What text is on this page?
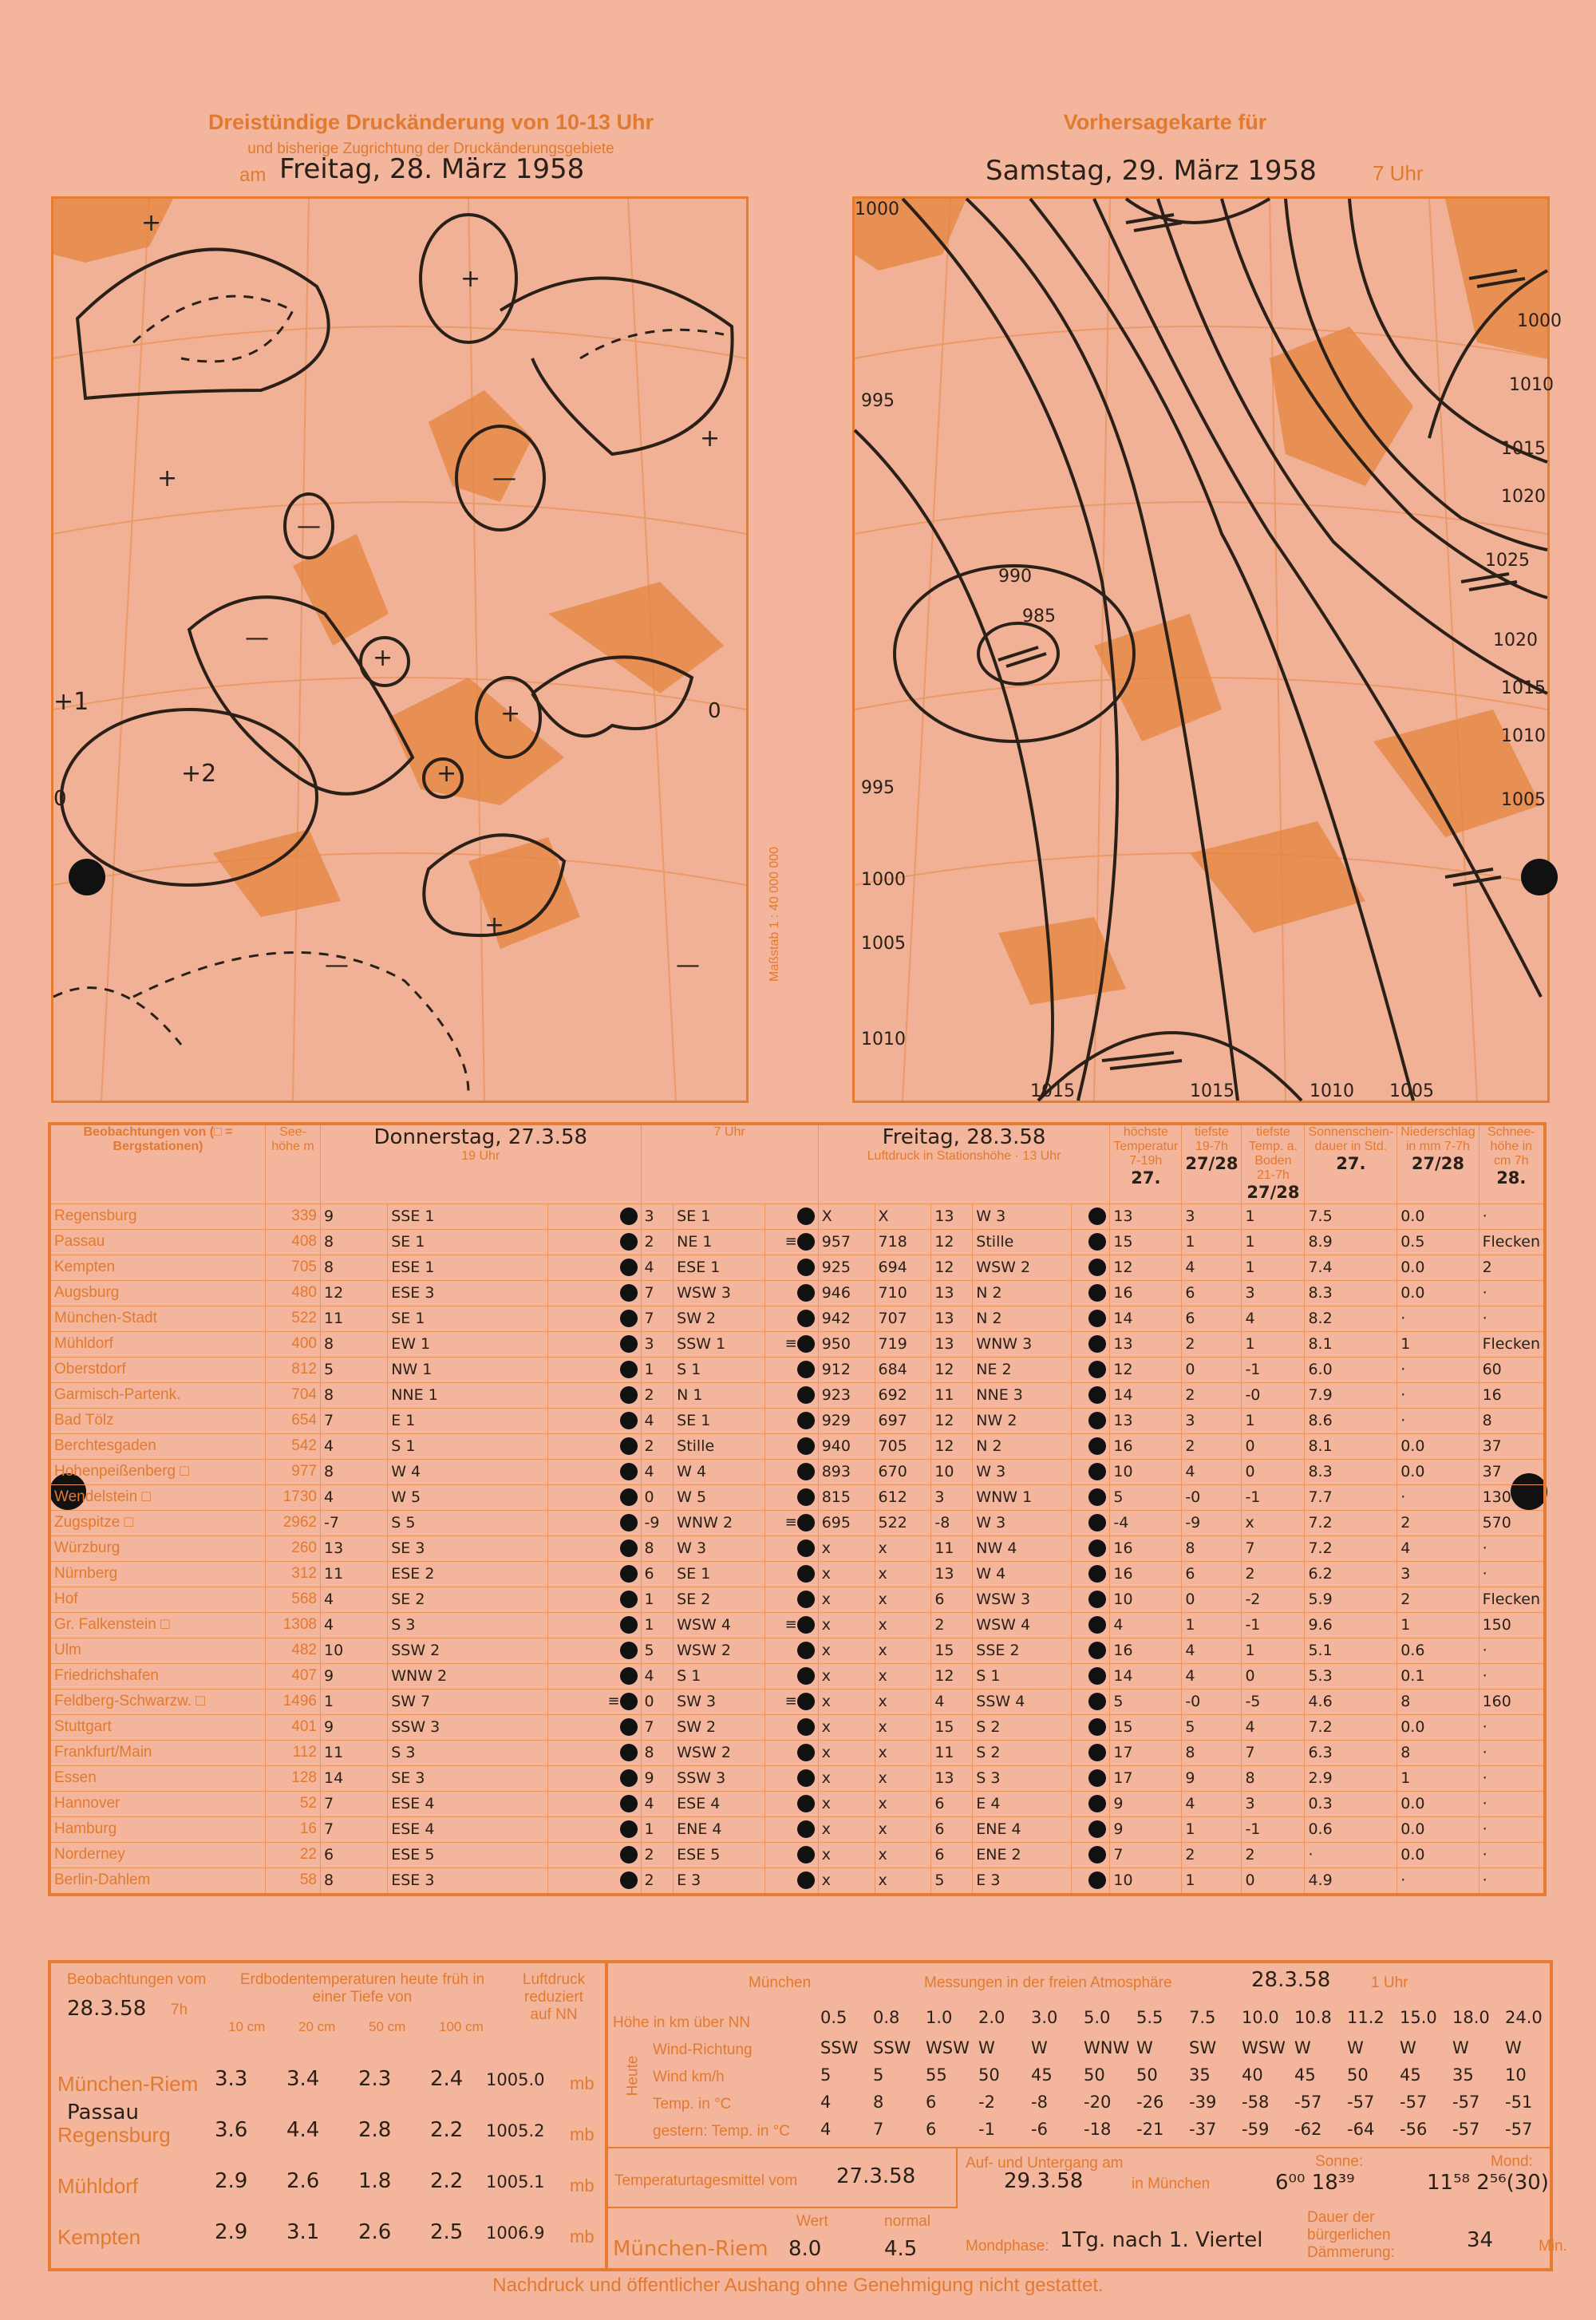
Dreistündige Druckänderung von 10-13 Uhr
und bisherige Zugrichtung der Druckänderungsgebiete
am Freitag, 28. März 1958
Vorhersagekarte für
Samstag, 29. März 1958	7 Uhr
+
+
+
+
—
—
—
—	—
+2
+
+
+
+
+1
0
0
990
985
1000
995
995
1000
1005
1010
1015	1015	1010 1005
1015
1020
1020
1015
1010
1005
1025
1010
1000
Maßstab 1 : 40 000 000
Beobachtungen von (□ = Bergstationen)	See-höhe m	Donnerstag, 27.3.58
19 Uhr			7 Uhr			Freitag, 28.3.58
Luftdruck in Stationshöhe · 13 Uhr					höchste Temperatur 7-19h
27.	tiefste 19-7h
27/28	tiefste Temp. a. Boden 21-7h
27/28	Sonnenschein-dauer in Std.
27.	Niederschlag in mm 7-7h
27/28	Schnee-höhe in cm 7h
28.
Regensburg	339	9	SSE 1		3	SE 1		X	X	13	W 3		13	3	1	7.5	0.0	·
Passau	408	8	SE 1		2	NE 1	≡	957	718	12	Stille		15	1	1	8.9	0.5	Flecken
Kempten	705	8	ESE 1		4	ESE 1		925	694	12	WSW 2		12	4	1	7.4	0.0	2
Augsburg	480	12	ESE 3		7	WSW 3		946	710	13	N 2		16	6	3	8.3	0.0	·
München-Stadt	522	11	SE 1		7	SW 2		942	707	13	N 2		14	6	4	8.2	·	·
Mühldorf	400	8	EW 1		3	SSW 1	≡	950	719	13	WNW 3		13	2	1	8.1	1	Flecken
Oberstdorf	812	5	NW 1		1	S 1		912	684	12	NE 2		12	0	-1	6.0	·	60
Garmisch-Partenk.	704	8	NNE 1		2	N 1		923	692	11	NNE 3		14	2	-0	7.9	·	16
Bad Tölz	654	7	E 1		4	SE 1		929	697	12	NW 2		13	3	1	8.6	·	8
Berchtesgaden	542	4	S 1		2	Stille		940	705	12	N 2		16	2	0	8.1	0.0	37
Hohenpeißenberg □	977	8	W 4		4	W 4		893	670	10	W 3		10	4	0	8.3	0.0	37
Wendelstein □	1730	4	W 5		0	W 5		815	612	3	WNW 1		5	-0	-1	7.7	·	130
Zugspitze □	2962	-7	S 5		-9	WNW 2	≡	695	522	-8	W 3		-4	-9	x	7.2	2	570
Würzburg	260	13	SE 3		8	W 3		x	x	11	NW 4		16	8	7	7.2	4	·
Nürnberg	312	11	ESE 2		6	SE 1		x	x	13	W 4		16	6	2	6.2	3	·
Hof	568	4	SE 2		1	SE 2		x	x	6	WSW 3		10	0	-2	5.9	2	Flecken
Gr. Falkenstein □	1308	4	S 3		1	WSW 4	≡	x	x	2	WSW 4		4	1	-1	9.6	1	150
Ulm	482	10	SSW 2		5	WSW 2		x	x	15	SSE 2		16	4	1	5.1	0.6	·
Friedrichshafen	407	9	WNW 2		4	S 1		x	x	12	S 1		14	4	0	5.3	0.1	·
Feldberg-Schwarzw. □	1496	1	SW 7	≡	0	SW 3	≡	x	x	4	SSW 4		5	-0	-5	4.6	8	160
Stuttgart	401	9	SSW 3		7	SW 2		x	x	15	S 2		15	5	4	7.2	0.0	·
Frankfurt/Main	112	11	S 3		8	WSW 2		x	x	11	S 2		17	8	7	6.3	8	·
Essen	128	14	SE 3		9	SSW 3		x	x	13	S 3		17	9	8	2.9	1	·
Hannover	52	7	ESE 4		4	ESE 4		x	x	6	E 4		9	4	3	0.3	0.0	·
Hamburg	16	7	ESE 4		1	ENE 4		x	x	6	ENE 4		9	1	-1	0.6	0.0	·
Norderney	22	6	ESE 5		2	ESE 5		x	x	6	ENE 2		7	2	2	·	0.0	·
Berlin-Dahlem	58	8	ESE 3		2	E 3		x	x	5	E 3		10	1	0	4.9	·	·
Beobachtungen vom
28.3.58 7h
Erdbodentemperaturen heute früh in einer Tiefe von
Luftdruck reduziert auf NN
10 cm 20 cm 50 cm 100 cm
München-Riem 3.3 3.4 2.3 2.4 1005.0 mb
Regensburg
Passau
3.6 4.4 2.8 2.2 1005.2 mb
Mühldorf	2.9 2.6 1.8 2.2 1005.1 mb
Kempten	2.9 3.1 2.6 2.5 1006.9 mb
München	Messungen in der freien Atmosphäre	28.3.58	1 Uhr
Höhe in km über NN
Heute
0.5 0.8 1.0 2.0 3.0 5.0 5.5 7.5 10.0 10.8 11.2 15.0 18.0 24.0
Wind-Richtung	SSW SSW WSW W W WNW W SW WSW W W W W W
Wind km/h	5	5	55 50 45 50 50 35 40 45 50 45 35 10
Temp. in °C	4	8	6	-2 -8 -20 -26 -39 -58 -57 -57 -57 -57 -51
gestern: Temp. in °C 4	7	6	-1 -6 -18 -21 -37 -59 -62 -64 -56 -57 -57
Temperaturtagesmittel vom 27.3.58
München-Riem
Wert	normal
8.0	4.5
Auf- und Untergang am
29.3.58	in München
Sonne:
6⁰⁰ 18³⁹
Mond:
11⁵⁸ 2⁵⁶(30)
Mondphase: 1Tg. nach 1. Viertel
Dauer der bürgerlichen Dämmerung:
34	Min.
Nachdruck und öffentlicher Aushang ohne Genehmigung nicht gestattet.
